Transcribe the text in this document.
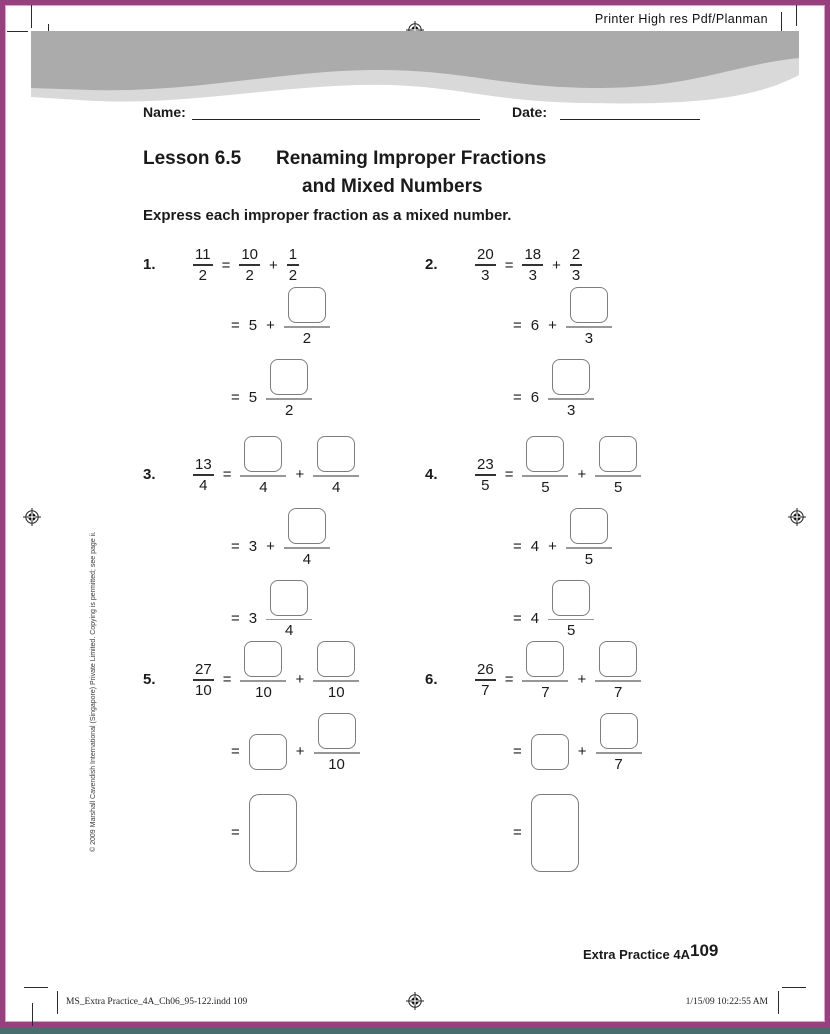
Printer High res Pdf/Planman
Name:	Date:
Lesson 6.5 Renaming Improper Fractions
and Mixed Numbers
Express each improper fraction as a mixed number.
1.	$\frac{11}{2} = \frac{10}{2} + \frac{1}{2}$
= 5 +
2
= 5
2
2.	$\frac{20}{3} = \frac{18}{3} + \frac{2}{3}$
= 6 +
3
= 6
3
3.	$\frac{13}{4}$ =
4
+
4
= 3 +
4
= 3
4
4.	$\frac{23}{5}$ =
5
+
5
= 4 +
5
= 4
5
5.	$\frac{27}{10}$ =
10
+
10
=	+
10
=
6.	$\frac{26}{7}$ =
7
+
7
=	+
7
=
© 2009 Marshall Cavendish International (Singapore) Private Limited. Copying is permitted; see page ii.
Extra Practice 4A 109
MS_Extra Practice_4A_Ch06_95-122.indd 109	1/15/09 10:22:55 AM
